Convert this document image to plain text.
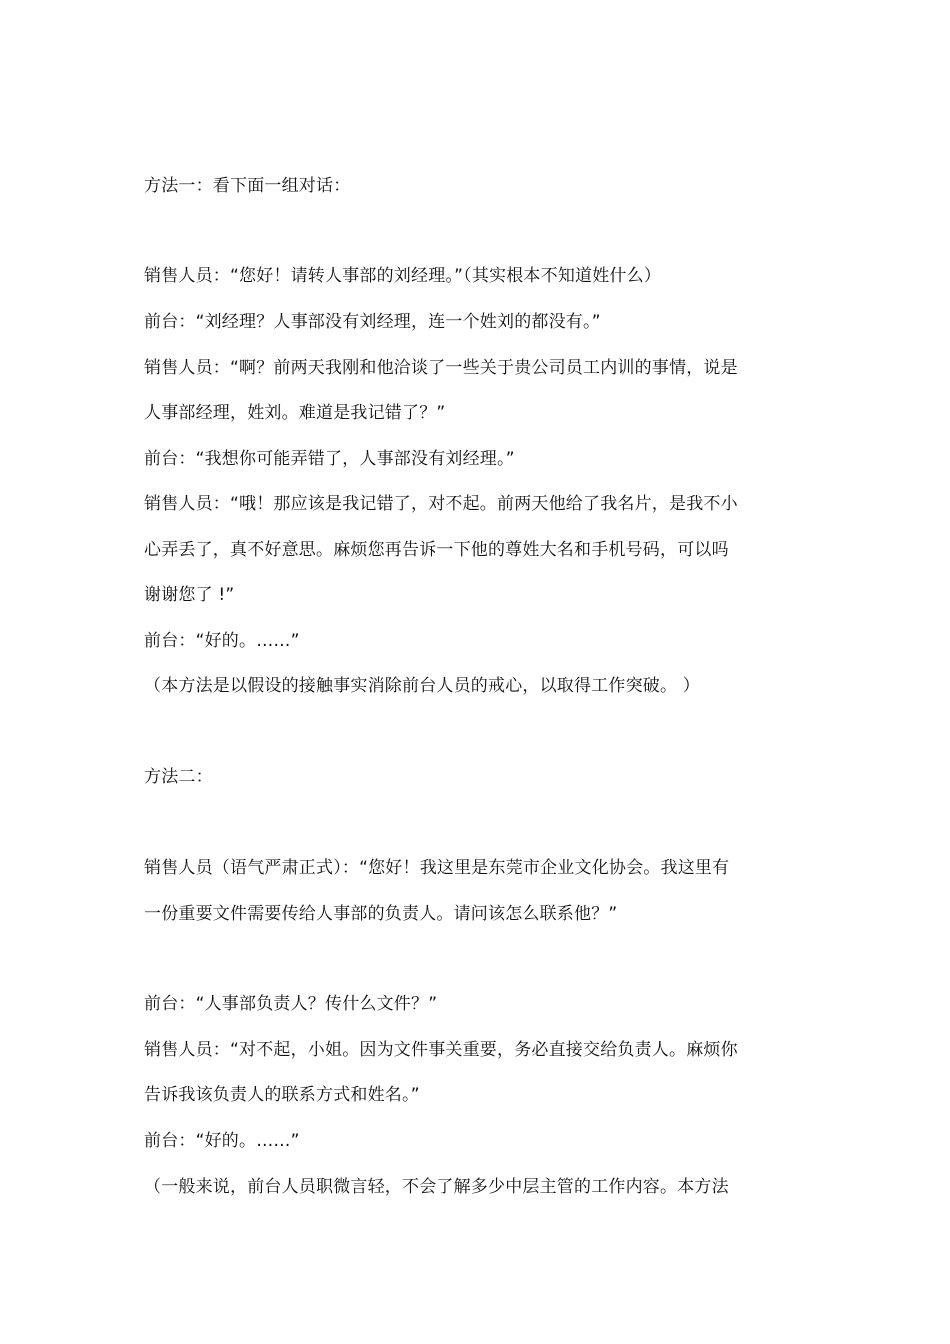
方法一：看下面一组对话：

销售人员：“您好！请转人事部的刘经理。”（其实根本不知道姓什么）

前台：“刘经理？人事部没有刘经理，连一个姓刘的都没有。”

销售人员：“啊？前两天我刚和他洽谈了一些关于贵公司员工内训的事情，说是

人事部经理，姓刘。难道是我记错了？”

前台：“我想你可能弄错了，人事部没有刘经理。”

销售人员：“哦！那应该是我记错了，对不起。前两天他给了我名片，是我不小

心弄丢了，真不好意思。麻烦您再告诉一下他的尊姓大名和手机号码，可以吗

谢谢您了 !”

前台：“好的。……”

（本方法是以假设的接触事实消除前台人员的戒心，以取得工作突破。 ）

方法二：

销售人员（语气严肃正式）：“您好！我这里是东莞市企业文化协会。我这里有

一份重要文件需要传给人事部的负责人。请问该怎么联系他？”

前台：“人事部负责人？传什么文件？”

销售人员：“对不起，小姐。因为文件事关重要，务必直接交给负责人。麻烦你

告诉我该负责人的联系方式和姓名。”

前台：“好的。……”

（一般来说，前台人员职微言轻，不会了解多少中层主管的工作内容。本方法
